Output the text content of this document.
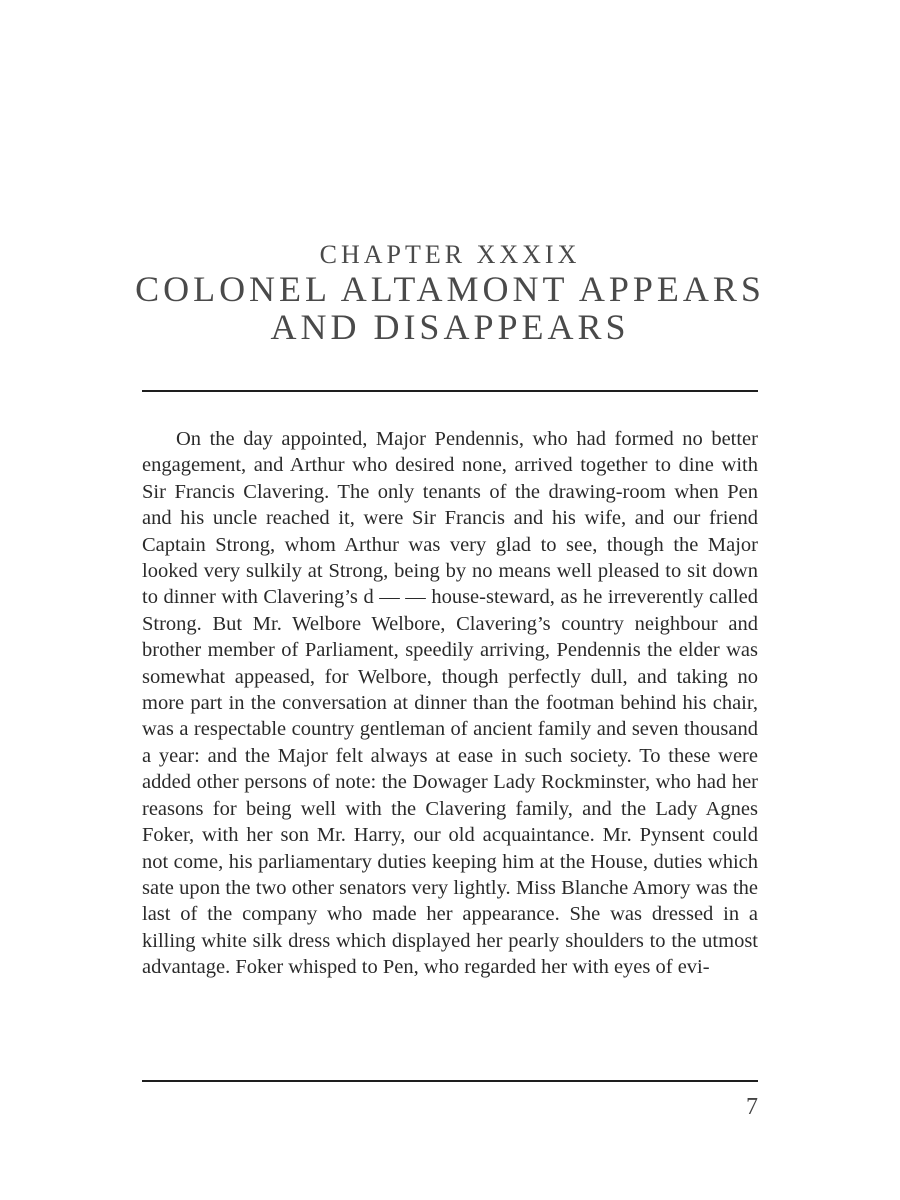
CHAPTER XXXIX
COLONEL ALTAMONT APPEARS AND DISAPPEARS

On the day appointed, Major Pendennis, who had formed no better engagement, and Arthur who desired none, arrived together to dine with Sir Francis Clavering. The only tenants of the drawing-room when Pen and his uncle reached it, were Sir Francis and his wife, and our friend Captain Strong, whom Arthur was very glad to see, though the Major looked very sulkily at Strong, being by no means well pleased to sit down to dinner with Clavering’s d — — house-steward, as he irreverently called Strong. But Mr. Welbore Welbore, Clavering’s country neighbour and brother member of Parliament, speedily arriving, Pendennis the elder was somewhat appeased, for Welbore, though perfectly dull, and taking no more part in the conversation at dinner than the footman behind his chair, was a respectable country gentleman of ancient family and seven thousand a year: and the Major felt always at ease in such society. To these were added other persons of note: the Dowager Lady Rockminster, who had her reasons for being well with the Clavering family, and the Lady Agnes Foker, with her son Mr. Harry, our old acquaintance. Mr. Pynsent could not come, his parliamentary duties keeping him at the House, duties which sate upon the two other senators very lightly. Miss Blanche Amory was the last of the company who made her appearance. She was dressed in a killing white silk dress which displayed her pearly shoulders to the utmost advantage. Foker whisped to Pen, who regarded her with eyes of evi-

7
